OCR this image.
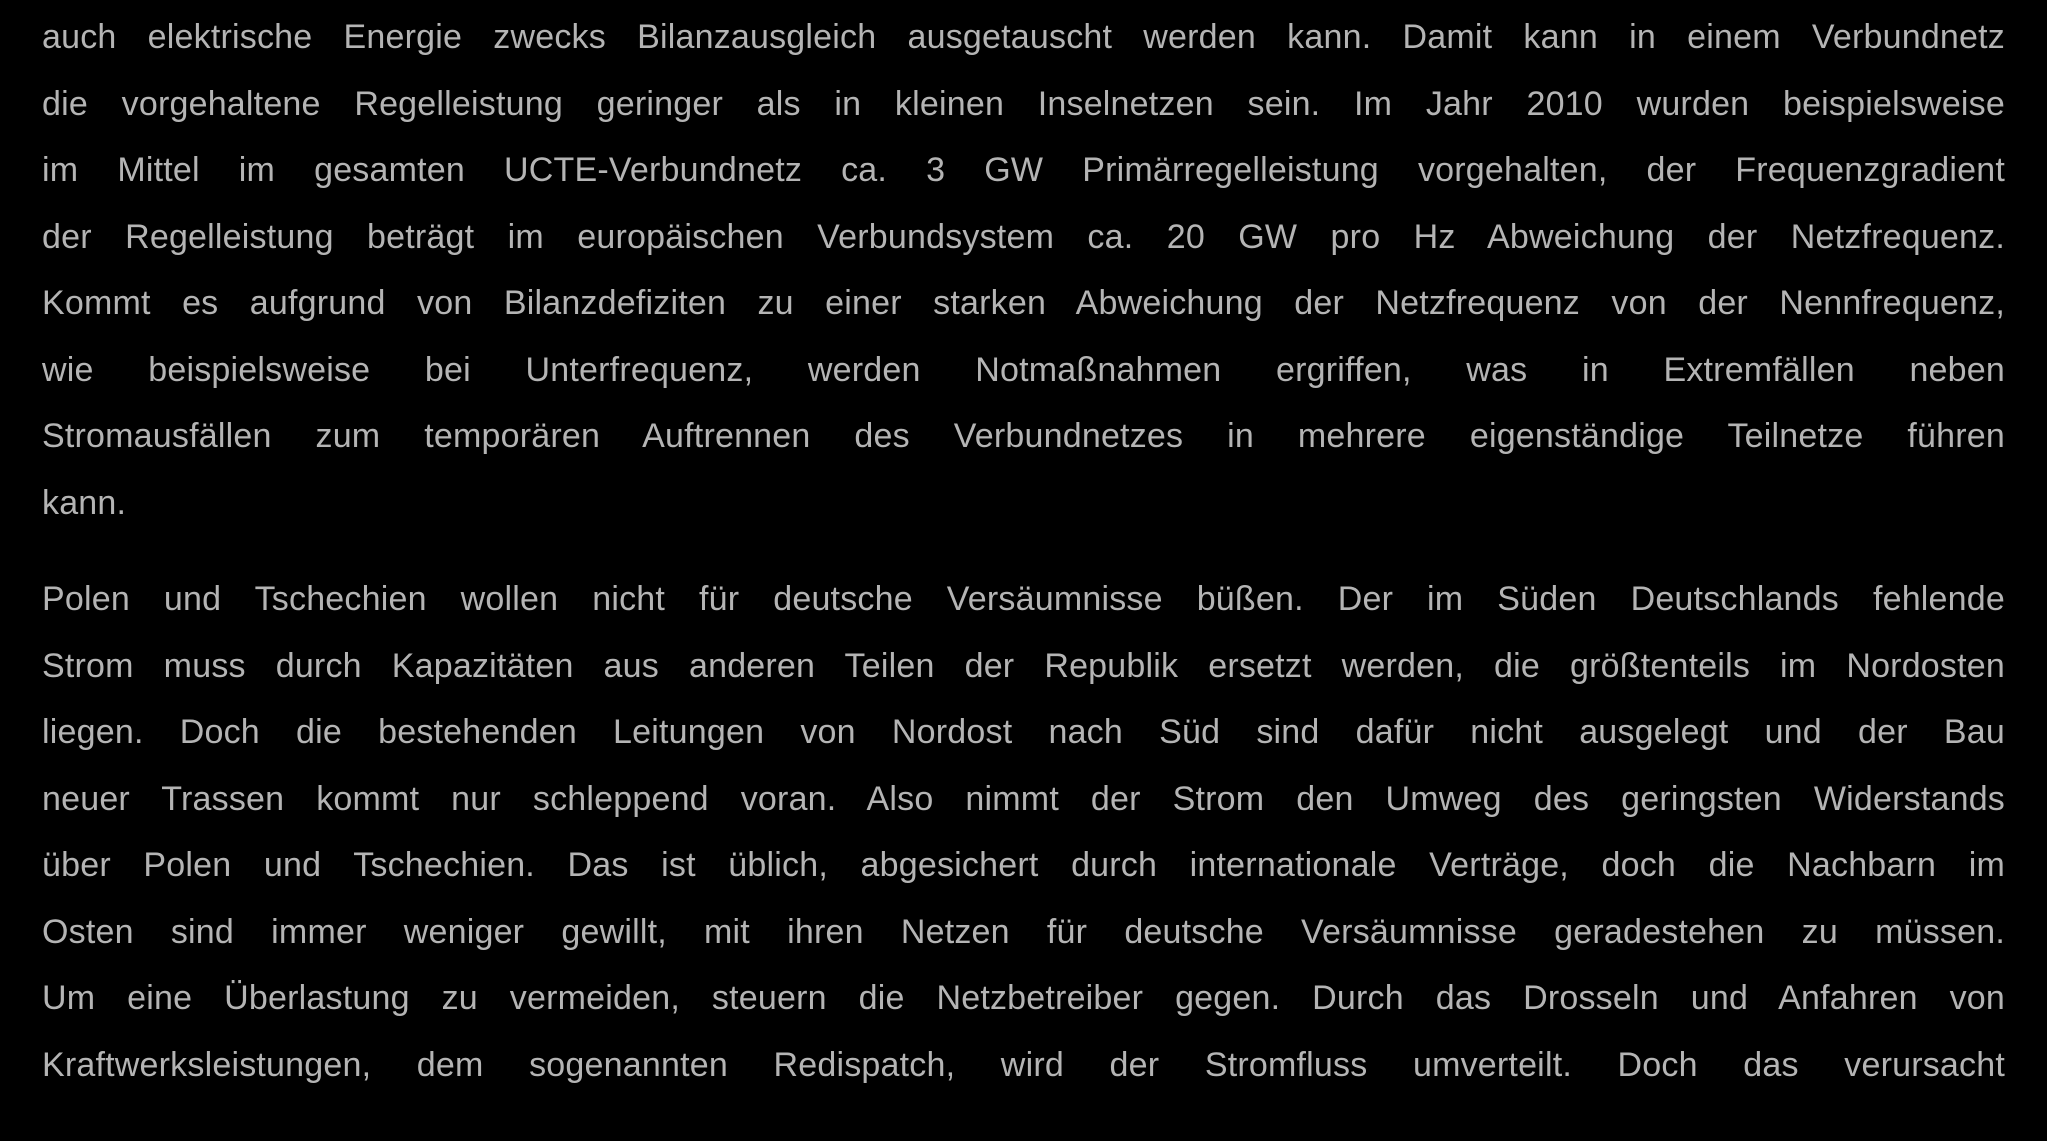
auch elektrische Energie zwecks Bilanzausgleich ausgetauscht werden kann. Damit kann in einem Verbundnetz
die vorgehaltene Regelleistung geringer als in kleinen Inselnetzen sein. Im Jahr 2010 wurden beispielsweise
im Mittel im gesamten UCTE-Verbundnetz ca. 3 GW Primärregelleistung vorgehalten, der Frequenzgradient
der Regelleistung beträgt im europäischen Verbundsystem ca. 20 GW pro Hz Abweichung der Netzfrequenz.
Kommt es aufgrund von Bilanzdefiziten zu einer starken Abweichung der Netzfrequenz von der Nennfrequenz,
wie beispielsweise bei Unterfrequenz, werden Notmaßnahmen ergriffen, was in Extremfällen neben
Stromausfällen zum temporären Auftrennen des Verbundnetzes in mehrere eigenständige Teilnetze führen
kann.
Polen und Tschechien wollen nicht für deutsche Versäumnisse büßen. Der im Süden Deutschlands fehlende
Strom muss durch Kapazitäten aus anderen Teilen der Republik ersetzt werden, die größtenteils im Nordosten
liegen. Doch die bestehenden Leitungen von Nordost nach Süd sind dafür nicht ausgelegt und der Bau
neuer Trassen kommt nur schleppend voran. Also nimmt der Strom den Umweg des geringsten Widerstands
über Polen und Tschechien. Das ist üblich, abgesichert durch internationale Verträge, doch die Nachbarn im
Osten sind immer weniger gewillt, mit ihren Netzen für deutsche Versäumnisse geradestehen zu müssen.
Um eine Überlastung zu vermeiden, steuern die Netzbetreiber gegen. Durch das Drosseln und Anfahren von
Kraftwerksleistungen, dem sogenannten Redispatch, wird der Stromfluss umverteilt. Doch das verursacht
